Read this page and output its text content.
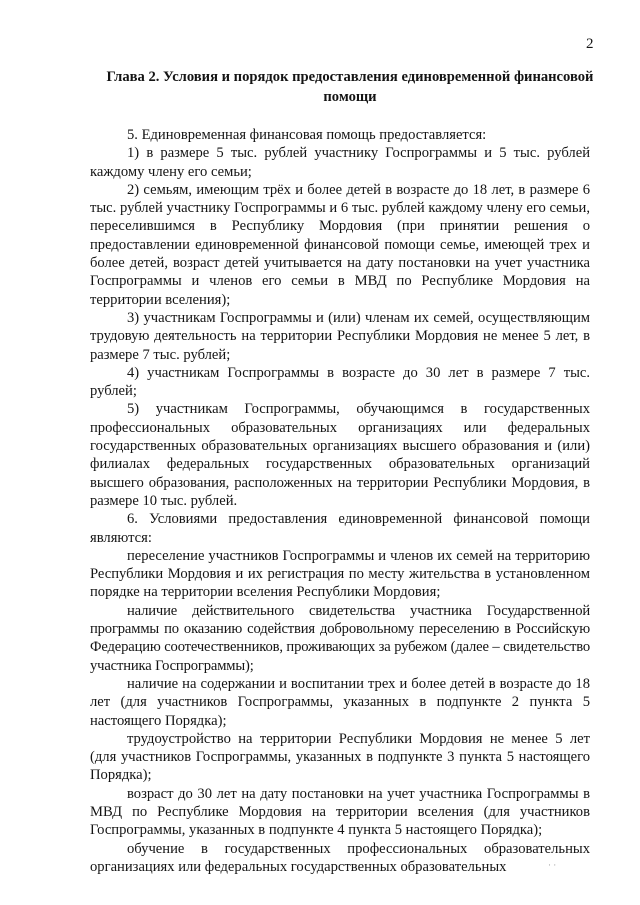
2
Глава 2. Условия и порядок предоставления единовременной финансовой
помощи

5. Единовременная финансовая помощь предоставляется:

1) в размере 5 тыс. рублей участнику Госпрограммы и 5 тыс. рублей каждому члену его семьи;

2) семьям, имеющим трёх и более детей в возрасте до 18 лет, в размере 6 тыс. рублей участнику Госпрограммы и 6 тыс. рублей каждому члену его семьи, переселившимся в Республику Мордовия (при принятии решения о предоставлении единовременной финансовой помощи семье, имеющей трех и более детей, возраст детей учитывается на дату постановки на учет участника Госпрограммы и членов его семьи в МВД по Республике Мордовия на территории вселения);

3) участникам Госпрограммы и (или) членам их семей, осуществляющим трудовую деятельность на территории Республики Мордовия не менее 5 лет, в размере 7 тыс. рублей;

4) участникам Госпрограммы в возрасте до 30 лет в размере 7 тыс. рублей;

5) участникам Госпрограммы, обучающимся в государственных профессиональных образовательных организациях или федеральных государственных образовательных организациях высшего образования и (или) филиалах федеральных государственных образовательных организаций высшего образования, расположенных на территории Республики Мордовия, в размере 10 тыс. рублей.

6. Условиями предоставления единовременной финансовой помощи являются:

переселение участников Госпрограммы и членов их семей на территорию Республики Мордовия и их регистрация по месту жительства в установленном порядке на территории вселения Республики Мордовия;

наличие действительного свидетельства участника Государственной программы по оказанию содействия добровольному переселению в Российскую Федерацию соотечественников, проживающих за рубежом (далее – свидетельство участника Госпрограммы);

наличие на содержании и воспитании трех и более детей в возрасте до 18 лет (для участников Госпрограммы, указанных в подпункте 2 пункта 5 настоящего Порядка);

трудоустройство на территории Республики Мордовия не менее 5 лет (для участников Госпрограммы, указанных в подпункте 3 пункта 5 настоящего Порядка);

возраст до 30 лет на дату постановки на учет участника Госпрограммы в МВД по Республике Мордовия на территории вселения (для участников Госпрограммы, указанных в подпункте 4 пункта 5 настоящего Порядка);

обучение в государственных профессиональных образовательных организациях или федеральных государственных образовательных	· ·
